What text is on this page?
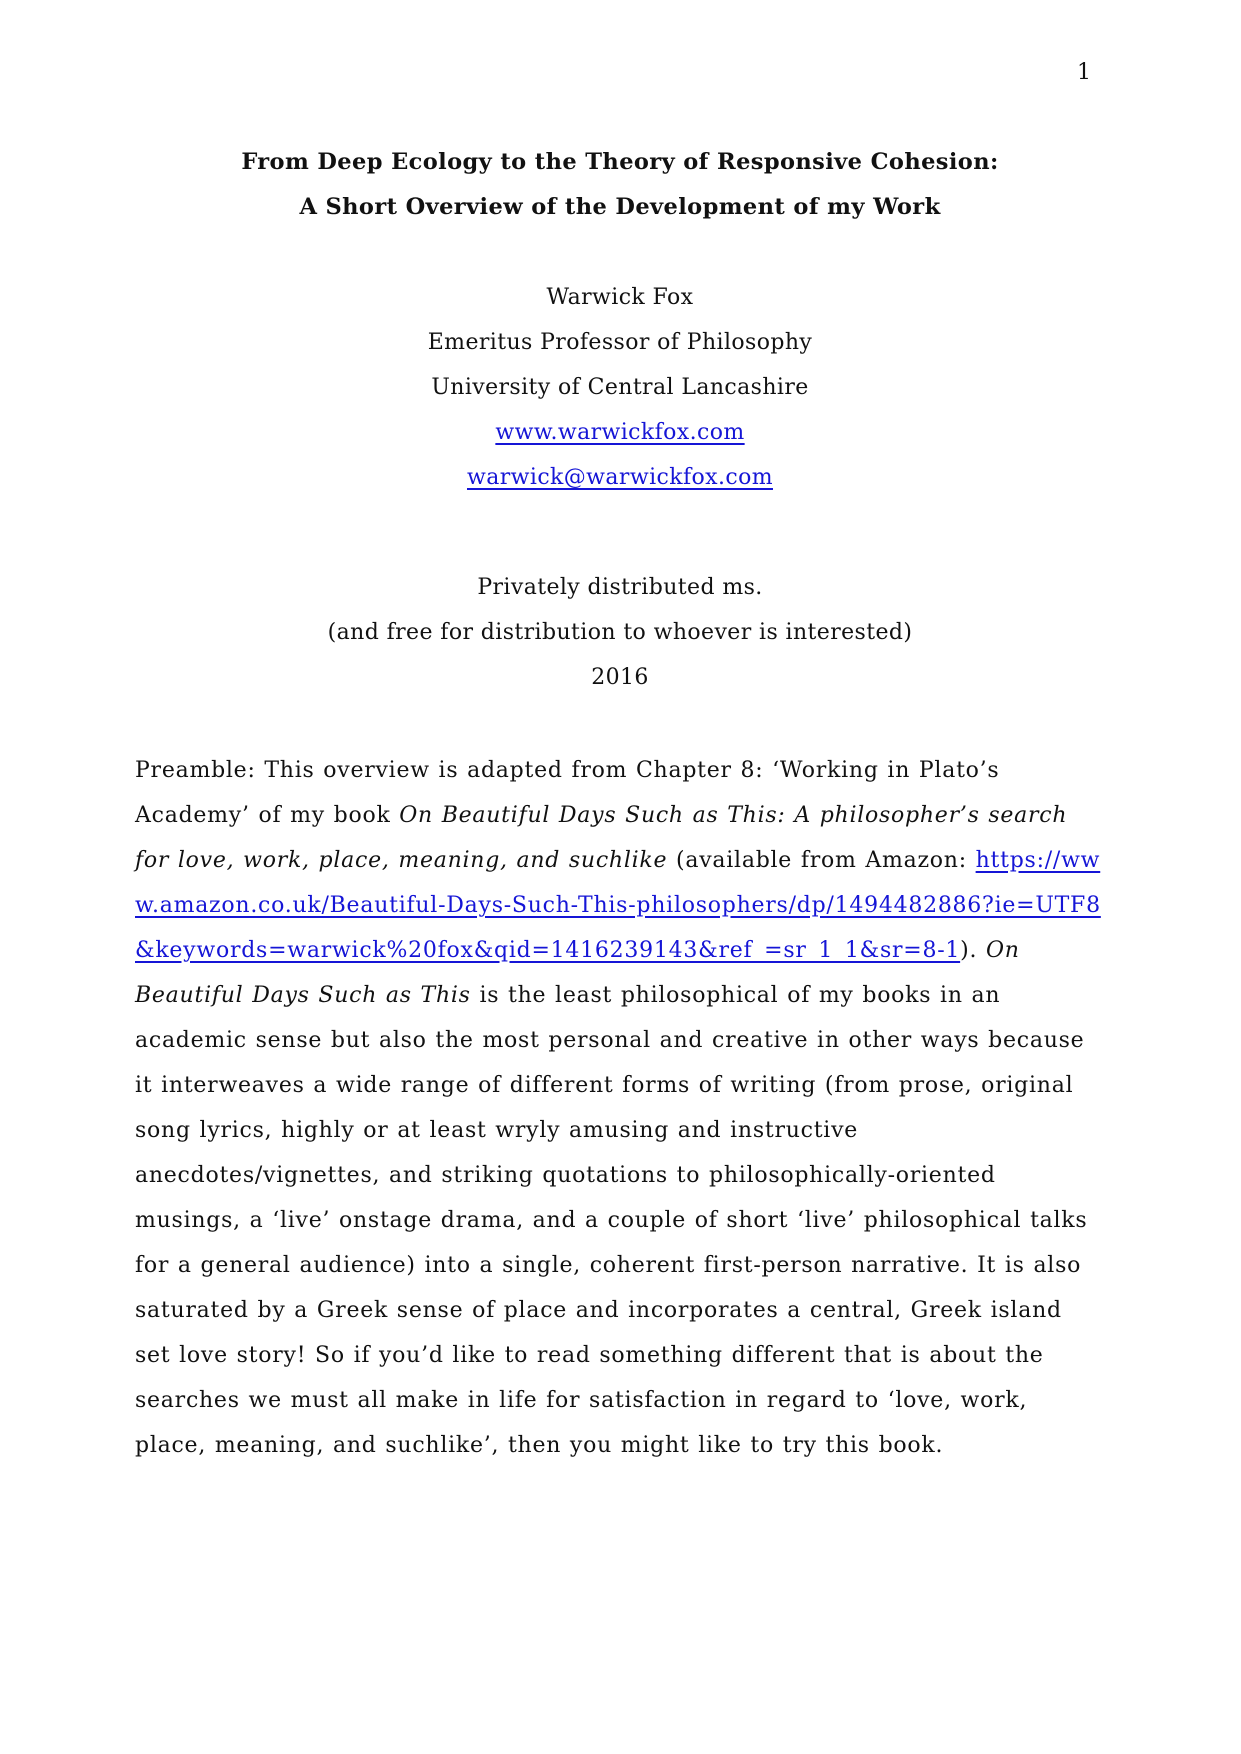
1
From Deep Ecology to the Theory of Responsive Cohesion:
A Short Overview of the Development of my Work
Warwick Fox
Emeritus Professor of Philosophy
University of Central Lancashire
www.warwickfox.com
warwick@warwickfox.com
Privately distributed ms.
(and free for distribution to whoever is interested)
2016

Preamble: This overview is adapted from Chapter 8: ‘Working in Plato’s Academy’ of my book On Beautiful Days Such as This: A philosopher’s search for love, work, place, meaning, and suchlike (available from Amazon: https://www.amazon.co.uk/Beautiful-Days-Such-This-philosophers/dp/1494482886?ie=UTF8&keywords=warwick%20fox&qid=1416239143&ref_=sr_1_1&sr=8-1). On Beautiful Days Such as This is the least philosophical of my books in an academic sense but also the most personal and creative in other ways because it interweaves a wide range of different forms of writing (from prose, original song lyrics, highly or at least wryly amusing and instructive anecdotes/vignettes, and striking quotations to philosophically-oriented musings, a ‘live’ onstage drama, and a couple of short ‘live’ philosophical talks for a general audience) into a single, coherent first-person narrative. It is also saturated by a Greek sense of place and incorporates a central, Greek island set love story! So if you’d like to read something different that is about the searches we must all make in life for satisfaction in regard to ‘love, work, place, meaning, and suchlike’, then you might like to try this book.
